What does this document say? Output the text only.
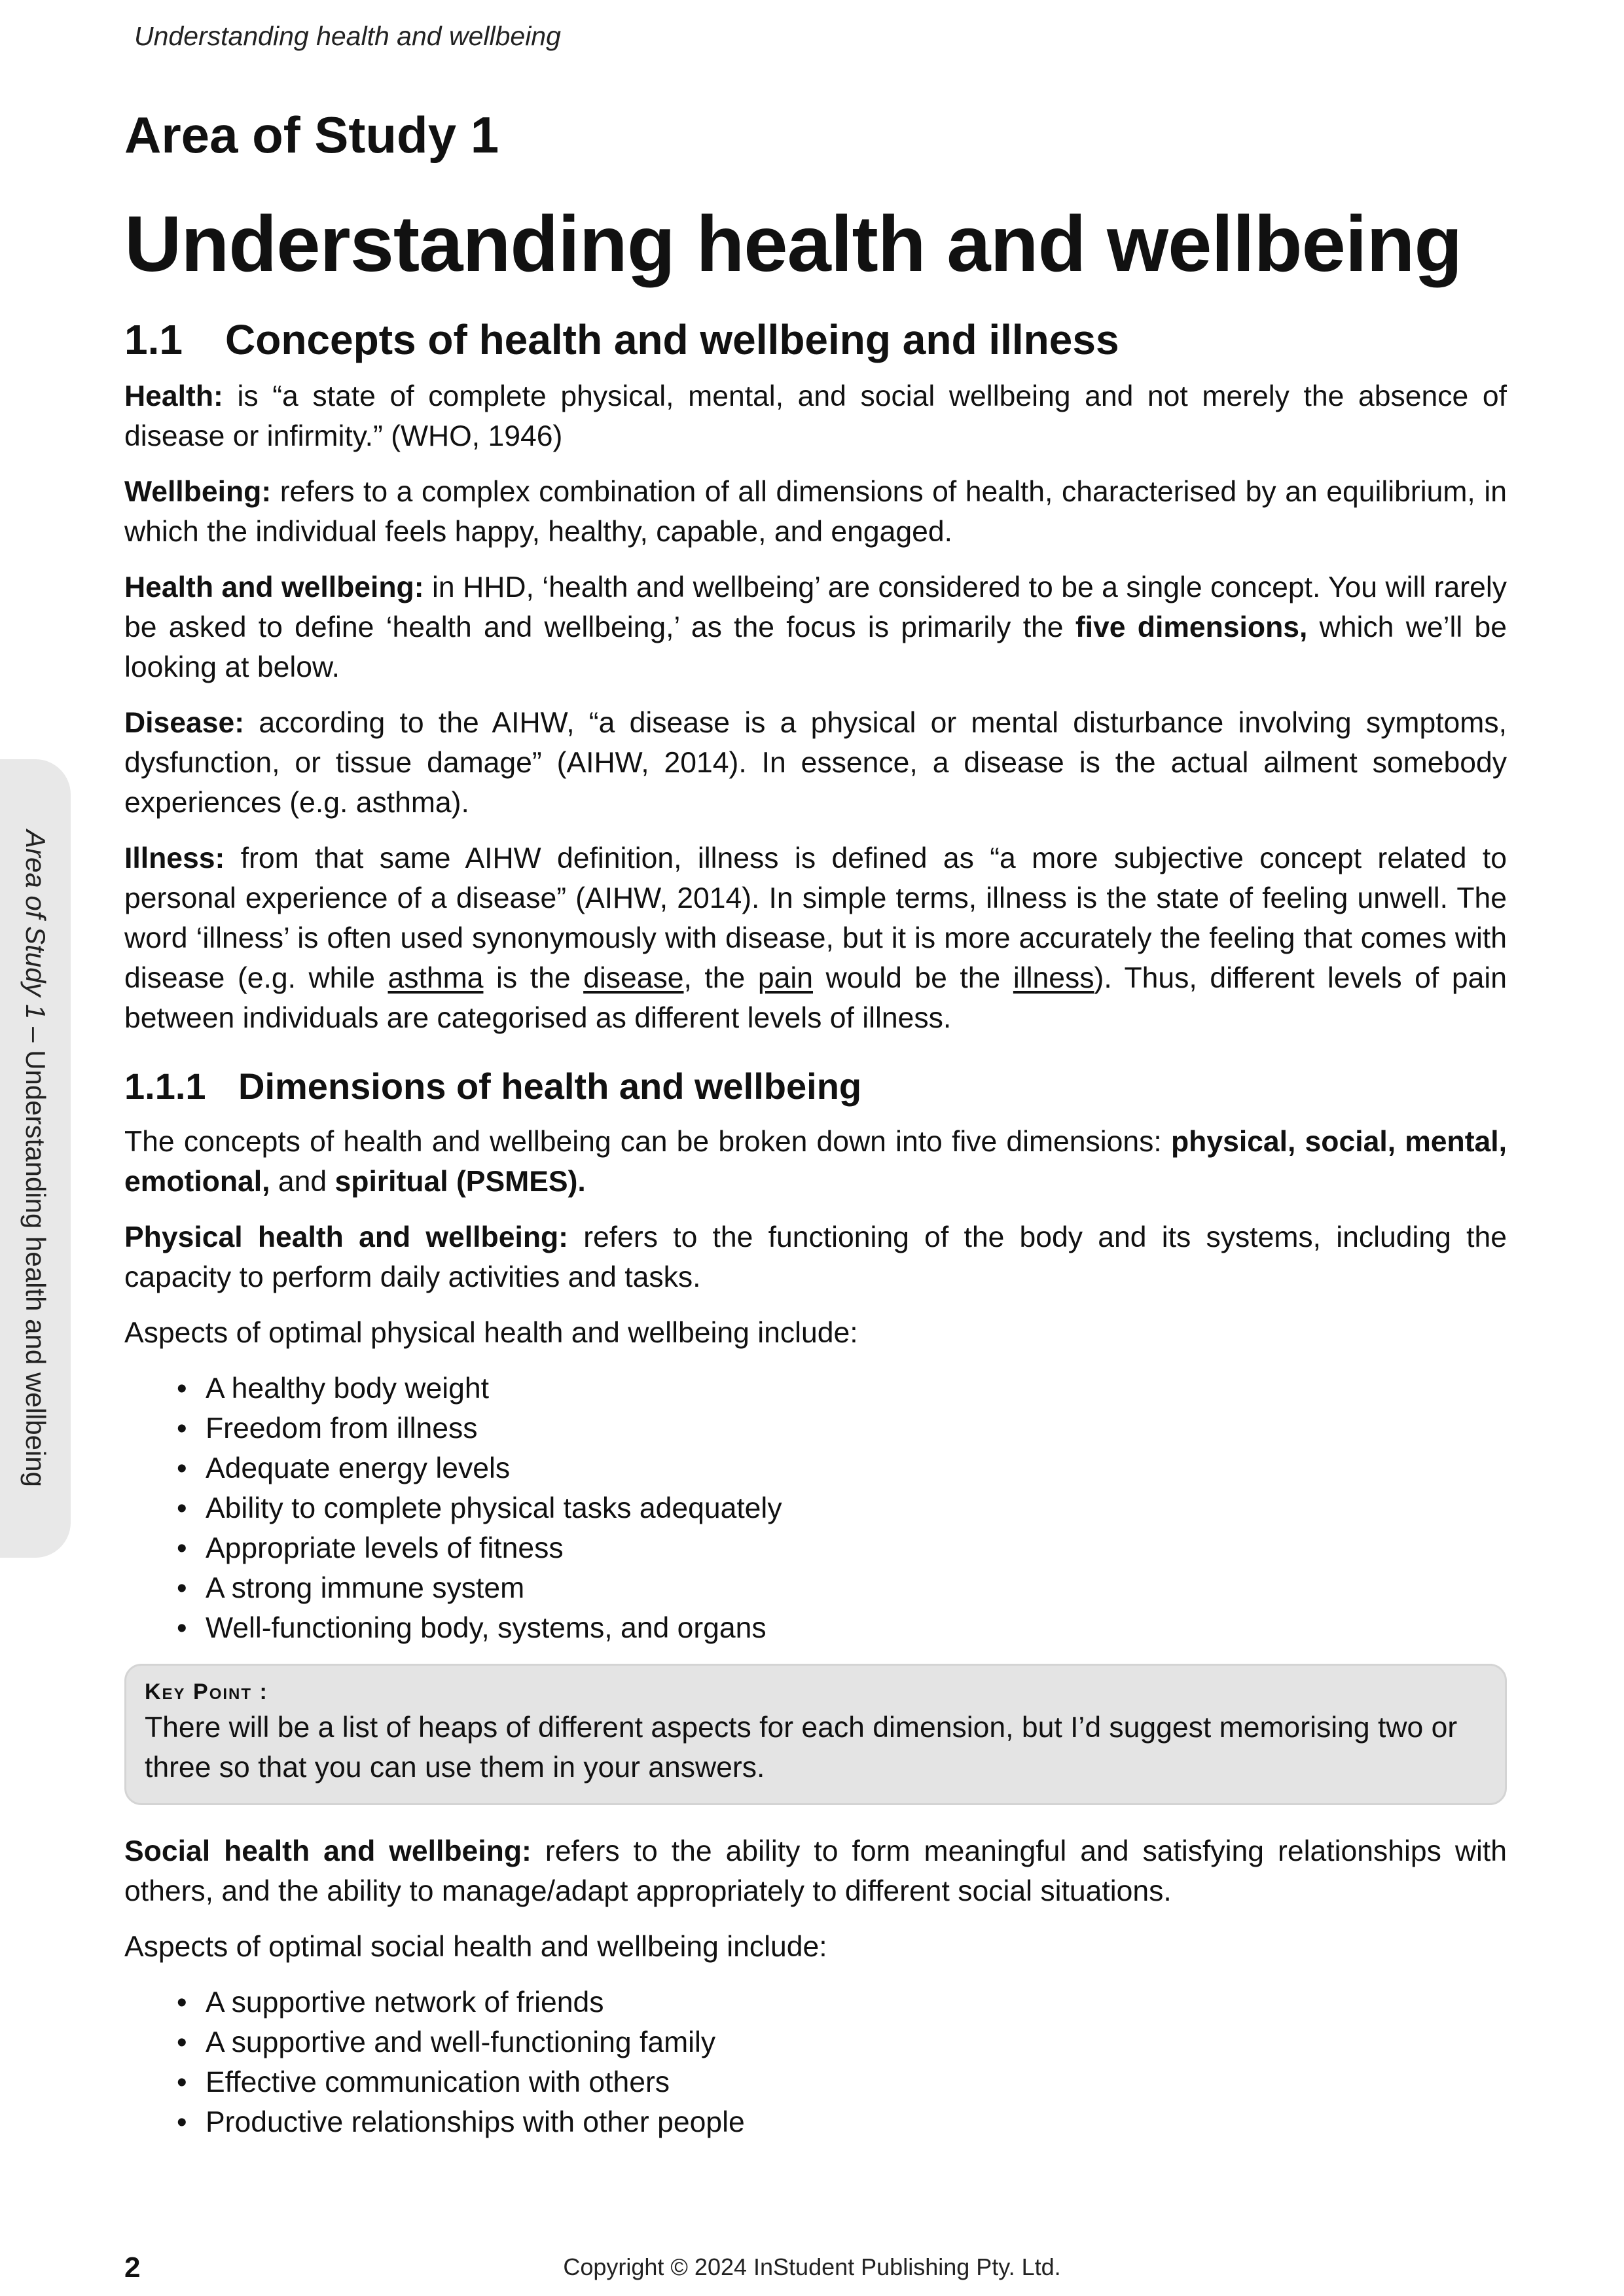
Understanding health and wellbeing
Area of Study 1 – Understanding health and wellbeing
Area of Study 1
Understanding health and wellbeing
1.1 Concepts of health and wellbeing and illness

Health: is “a state of complete physical, mental, and social wellbeing and not merely the absence of disease or infirmity.” (WHO, 1946)

Wellbeing: refers to a complex combination of all dimensions of health, characterised by an equilibrium, in which the individual feels happy, healthy, capable, and engaged.

Health and wellbeing: in HHD, ‘health and wellbeing’ are considered to be a single concept. You will rarely be asked to define ‘health and wellbeing,’ as the focus is primarily the five dimensions, which we’ll be looking at below.

Disease: according to the AIHW, “a disease is a physical or mental disturbance involving symptoms, dysfunction, or tissue damage” (AIHW, 2014). In essence, a disease is the actual ailment somebody experiences (e.g. asthma).

Illness: from that same AIHW definition, illness is defined as “a more subjective concept related to personal experience of a disease” (AIHW, 2014). In simple terms, illness is the state of feeling unwell. The word ‘illness’ is often used synonymously with disease, but it is more accurately the feeling that comes with disease (e.g. while asthma is the disease, the pain would be the illness). Thus, different levels of pain between individuals are categorised as different levels of illness.

1.1.1 Dimensions of health and wellbeing

The concepts of health and wellbeing can be broken down into five dimensions: physical, social, mental, emotional, and spiritual (PSMES).

Physical health and wellbeing: refers to the functioning of the body and its systems, including the capacity to perform daily activities and tasks.

Aspects of optimal physical health and wellbeing include:

• A healthy body weight
• Freedom from illness
• Adequate energy levels
• Ability to complete physical tasks adequately
• Appropriate levels of fitness
• A strong immune system
• Well-functioning body, systems, and organs
Key Point :
There will be a list of heaps of different aspects for each dimension, but I’d suggest memorising two or three so that you can use them in your answers.

Social health and wellbeing: refers to the ability to form meaningful and satisfying relationships with others, and the ability to manage/adapt appropriately to different social situations.

Aspects of optimal social health and wellbeing include:

• A supportive network of friends
• A supportive and well-functioning family
• Effective communication with others
• Productive relationships with other people
2	Copyright © 2024 InStudent Publishing Pty. Ltd.
